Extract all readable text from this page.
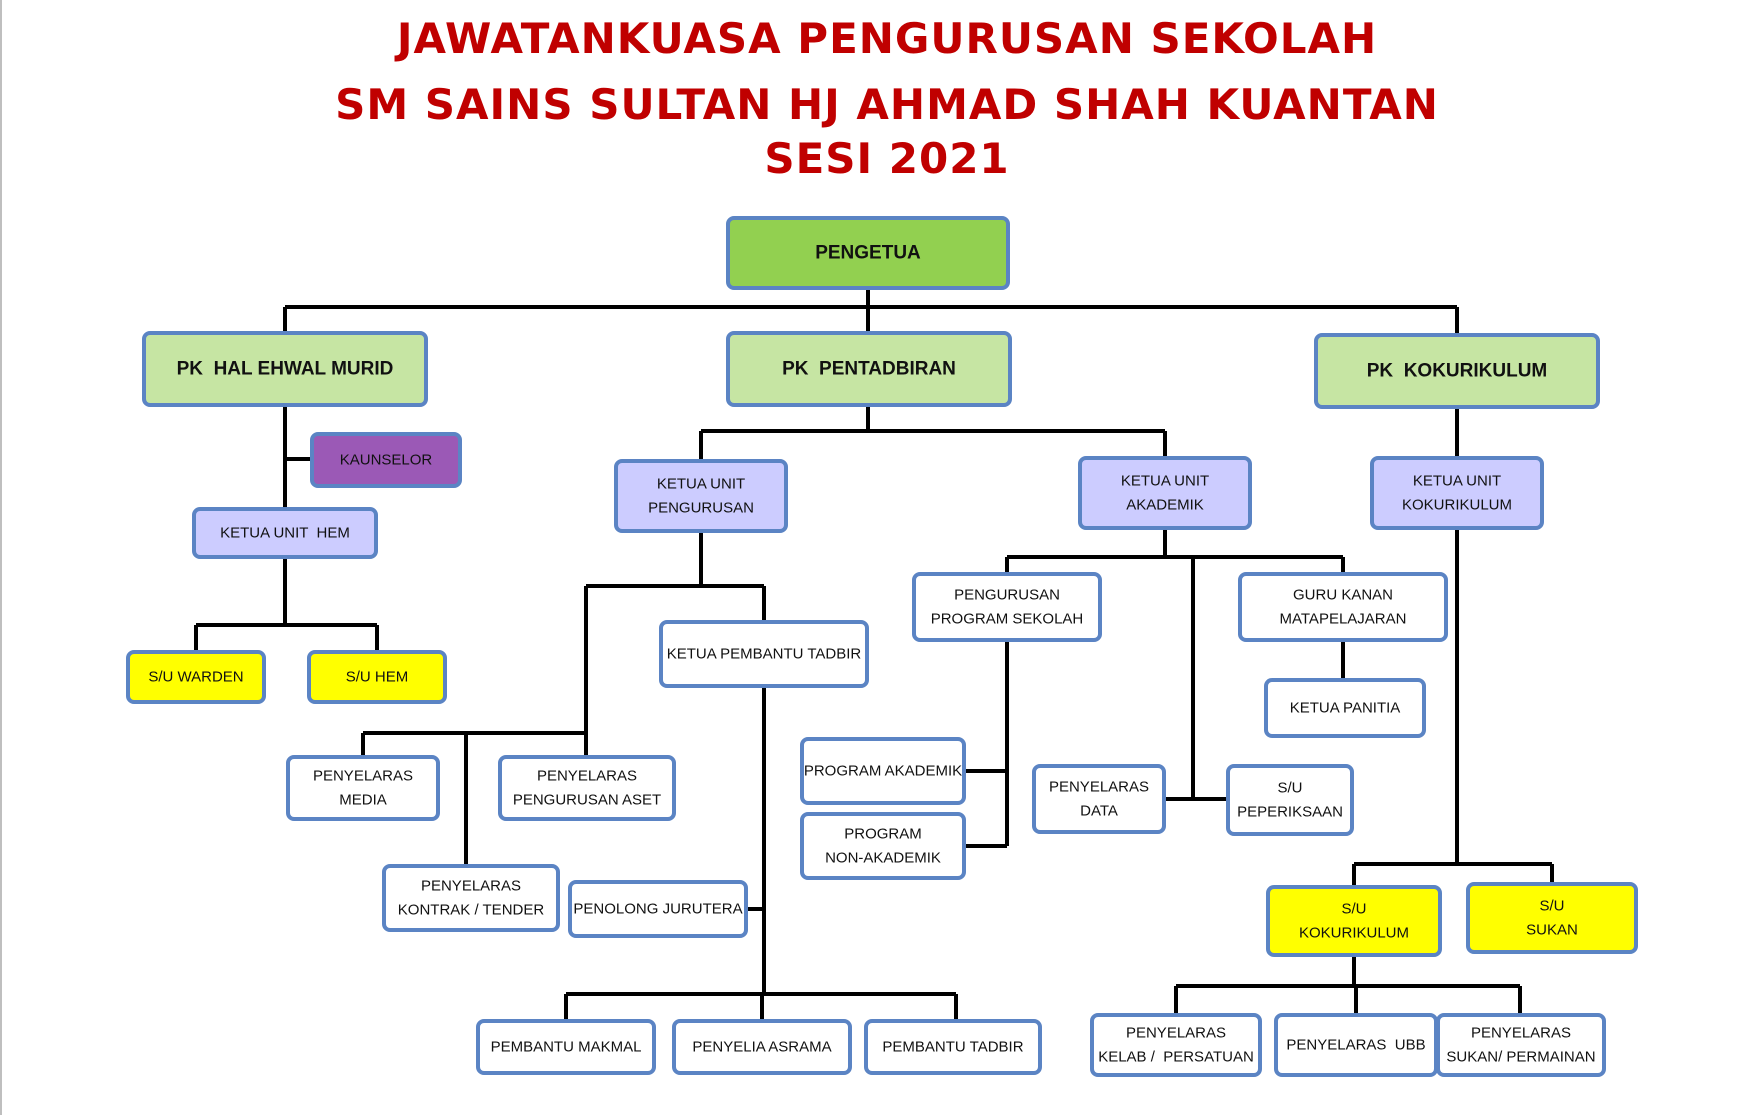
JAWATANKUASA PENGURUSAN SEKOLAH
SM SAINS SULTAN HJ AHMAD SHAH KUANTAN
SESI 2021
PENGETUA
PK  HAL EHWAL MURID	PK  PENTADBIRAN	PK  KOKURIKULUM
KAUNSELOR
KETUA UNIT  HEM
S/U WARDEN	S/U HEM
KETUA UNIT
PENGURUSAN
KETUA PEMBANTU TADBIR
PENYELARAS
MEDIA
PENYELARAS
PENGURUSAN ASET
PENYELARAS
KONTRAK / TENDER PENOLONG JURUTERA
PEMBANTU MAKMAL	PENYELIA ASRAMA	PEMBANTU TADBIR
KETUA UNIT
AKADEMIK
PENGURUSAN
PROGRAM SEKOLAH
GURU KANAN
MATAPELAJARAN
KETUA PANITIA
PROGRAM AKADEMIK
PROGRAM
NON-AKADEMIK
PENYELARAS
DATA
S/U
PEPERIKSAAN
KETUA UNIT
KOKURIKULUM
S/U
KOKURIKULUM
S/U
SUKAN
PENYELARAS
KELAB /  PERSATUAN
PENYELARAS  UBB
PENYELARAS
SUKAN/ PERMAINAN
